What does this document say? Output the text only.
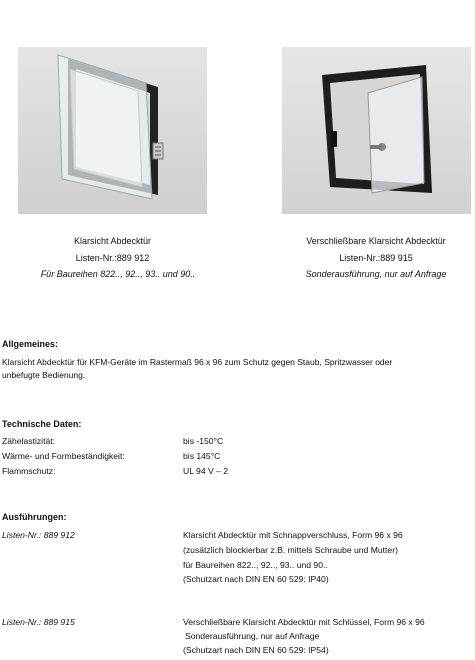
Klarsicht Abdecktür
Listen-Nr.:889 912
Für Baureihen 822.., 92.., 93.. und 90..
Verschließbare Klarsicht Abdecktür
Listen-Nr.:889 915
Sonderausführung, nur auf Anfrage
Allgemeines:
Klarsicht Abdecktür für KFM-Geräte im Rastermaß 96 x 96 zum Schutz gegen Staub, Spritzwasser oder
unbefugte Bedienung.
Technische Daten:
Zähelastizität:	bis -150°C
Wärme- und Formbeständigkeit:	bis 145°C
Flammschutz:	UL 94 V – 2
Ausführungen:
Listen-Nr.: 889 912	Klarsicht Abdecktür mit Schnappverschluss, Form 96 x 96
(zusätzlich blockierbar z.B. mittels Schraube und Mutter)
für Baureihen 822.., 92.., 93.. und 90..
(Schutzart nach DIN EN 60 529: IP40)
Listen-Nr.: 889 915	Verschließbare Klarsicht Abdecktür mit Schlüssel, Form 96 x 96
Sonderausführung, nur auf Anfrage
(Schutzart nach DIN EN 60 529: IP54)
